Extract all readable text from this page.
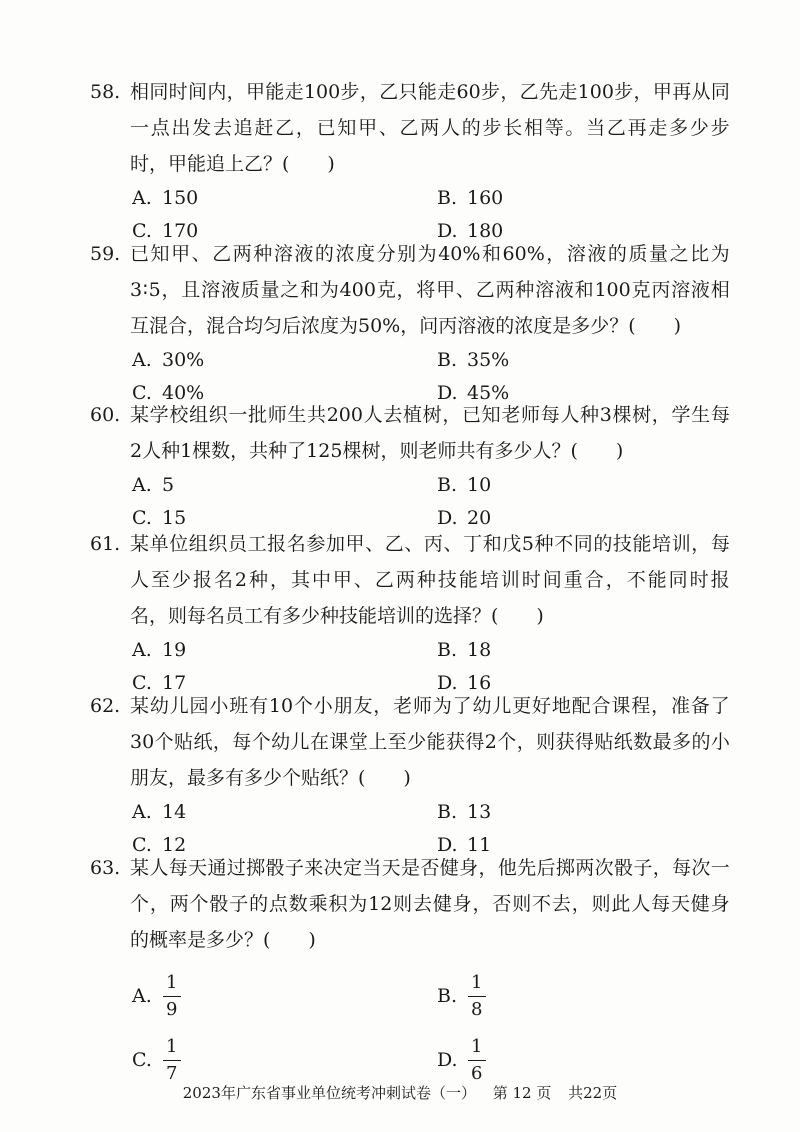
58. 相 同 时 间 内 ， 甲 能 走 100 步 ， 乙 只 能 走 60 步 ， 乙 先 走 100 步 ， 甲 再 从 同
一 点 出 发 去 追 赶 乙 ， 已 知 甲 、 乙 两 人 的 步 长 相 等 。 当 乙 再 走 多 少 步
时，甲能追上乙？ (　　)
A. 150	B. 160
C. 170	D. 180
59. 已 知 甲 、 乙 两 种 溶 液 的 浓 度 分 别 为 40% 和 60% ， 溶 液 的 质 量 之 比 为
3 ∶ 5 ， 且 溶 液 质 量 之 和 为 400 克 ， 将 甲 、 乙 两 种 溶 液 和 100 克 丙 溶 液 相
互混合，混合均匀后浓度为50%，问丙溶液的浓度是多少？ (　　)
A. 30%	B. 35%
C. 40%	D. 45%
60. 某 学 校 组 织 一 批 师 生 共 200 人 去 植 树 ， 已 知 老 师 每 人 种 3 棵 树 ， 学 生 每
2人种1棵数，共种了125棵树，则老师共有多少人？ (　　)
A. 5	B. 10
C. 15	D. 20
61. 某 单 位 组 织 员 工 报 名 参 加 甲 、 乙 、 丙 、 丁 和 戊 5 种 不 同 的 技 能 培 训 ， 每
人 至 少 报 名 2 种 ， 其 中 甲 、 乙 两 种 技 能 培 训 时 间 重 合 ， 不 能 同 时 报
名，则每名员工有多少种技能培训的选择？ (　　)
A. 19	B. 18
C. 17	D. 16
62. 某 幼 儿 园 小 班 有 10 个 小 朋 友 ， 老 师 为 了 幼 儿 更 好 地 配 合 课 程 ， 准 备 了
30 个 贴 纸 ， 每 个 幼 儿 在 课 堂 上 至 少 能 获 得 2 个 ， 则 获 得 贴 纸 数 最 多 的 小
朋友，最多有多少个贴纸？ (　　)
A. 14	B. 13
C. 12	D. 11
63. 某 人 每 天 通 过 掷 骰 子 来 决 定 当 天 是 否 健 身 ， 他 先 后 掷 两 次 骰 子 ， 每 次 一
个 ， 两 个 骰 子 的 点 数 乘 积 为 12 则 去 健 身 ， 否 则 不 去 ， 则 此 人 每 天 健 身
的概率是多少？ (　　)
A. $\frac{1}{9}$	B. $\frac{1}{8}$
C. $\frac{1}{7}$	D. $\frac{1}{6}$
2023年广东省事业单位统考冲刺试卷（一） 第 12 页 共22页
